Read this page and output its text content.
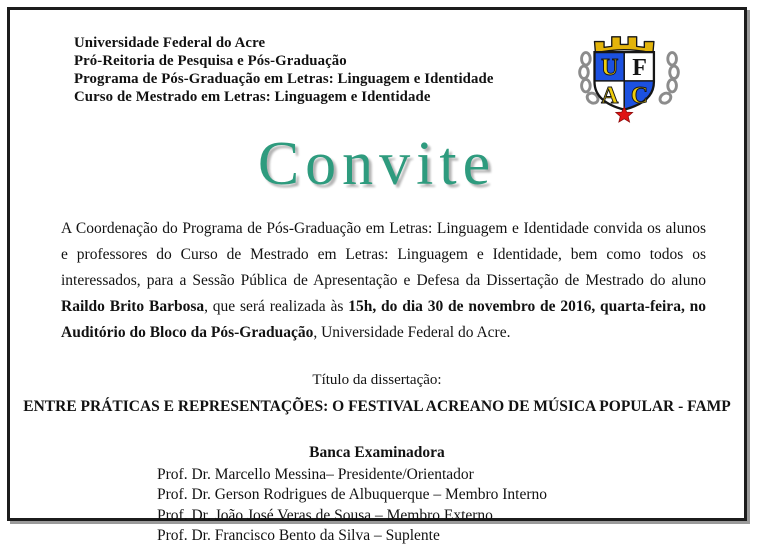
Universidade Federal do Acre
Pró-Reitoria de Pesquisa e Pós-Graduação
Programa de Pós-Graduação em Letras: Linguagem e Identidade
Curso de Mestrado em Letras: Linguagem e Identidade
U F
A C
Convite

A Coordenação do Programa de Pós-Graduação em Letras: Linguagem e Identidade convida os alunos e professores do Curso de Mestrado em Letras: Linguagem e Identidade, bem como todos os interessados, para a Sessão Pública de Apresentação e Defesa da Dissertação de Mestrado do aluno Raildo Brito Barbosa, que será realizada às 15h, do dia 30 de novembro de 2016, quarta-feira, no Auditório do Bloco da Pós-Graduação, Universidade Federal do Acre.

Título da dissertação:
ENTRE PRÁTICAS E REPRESENTAÇÕES: O FESTIVAL ACREANO DE MÚSICA POPULAR - FAMP
Banca Examinadora
Prof. Dr. Marcello Messina– Presidente/Orientador
Prof. Dr. Gerson Rodrigues de Albuquerque – Membro Interno
Prof. Dr. João José Veras de Sousa – Membro Externo
Prof. Dr. Francisco Bento da Silva – Suplente
